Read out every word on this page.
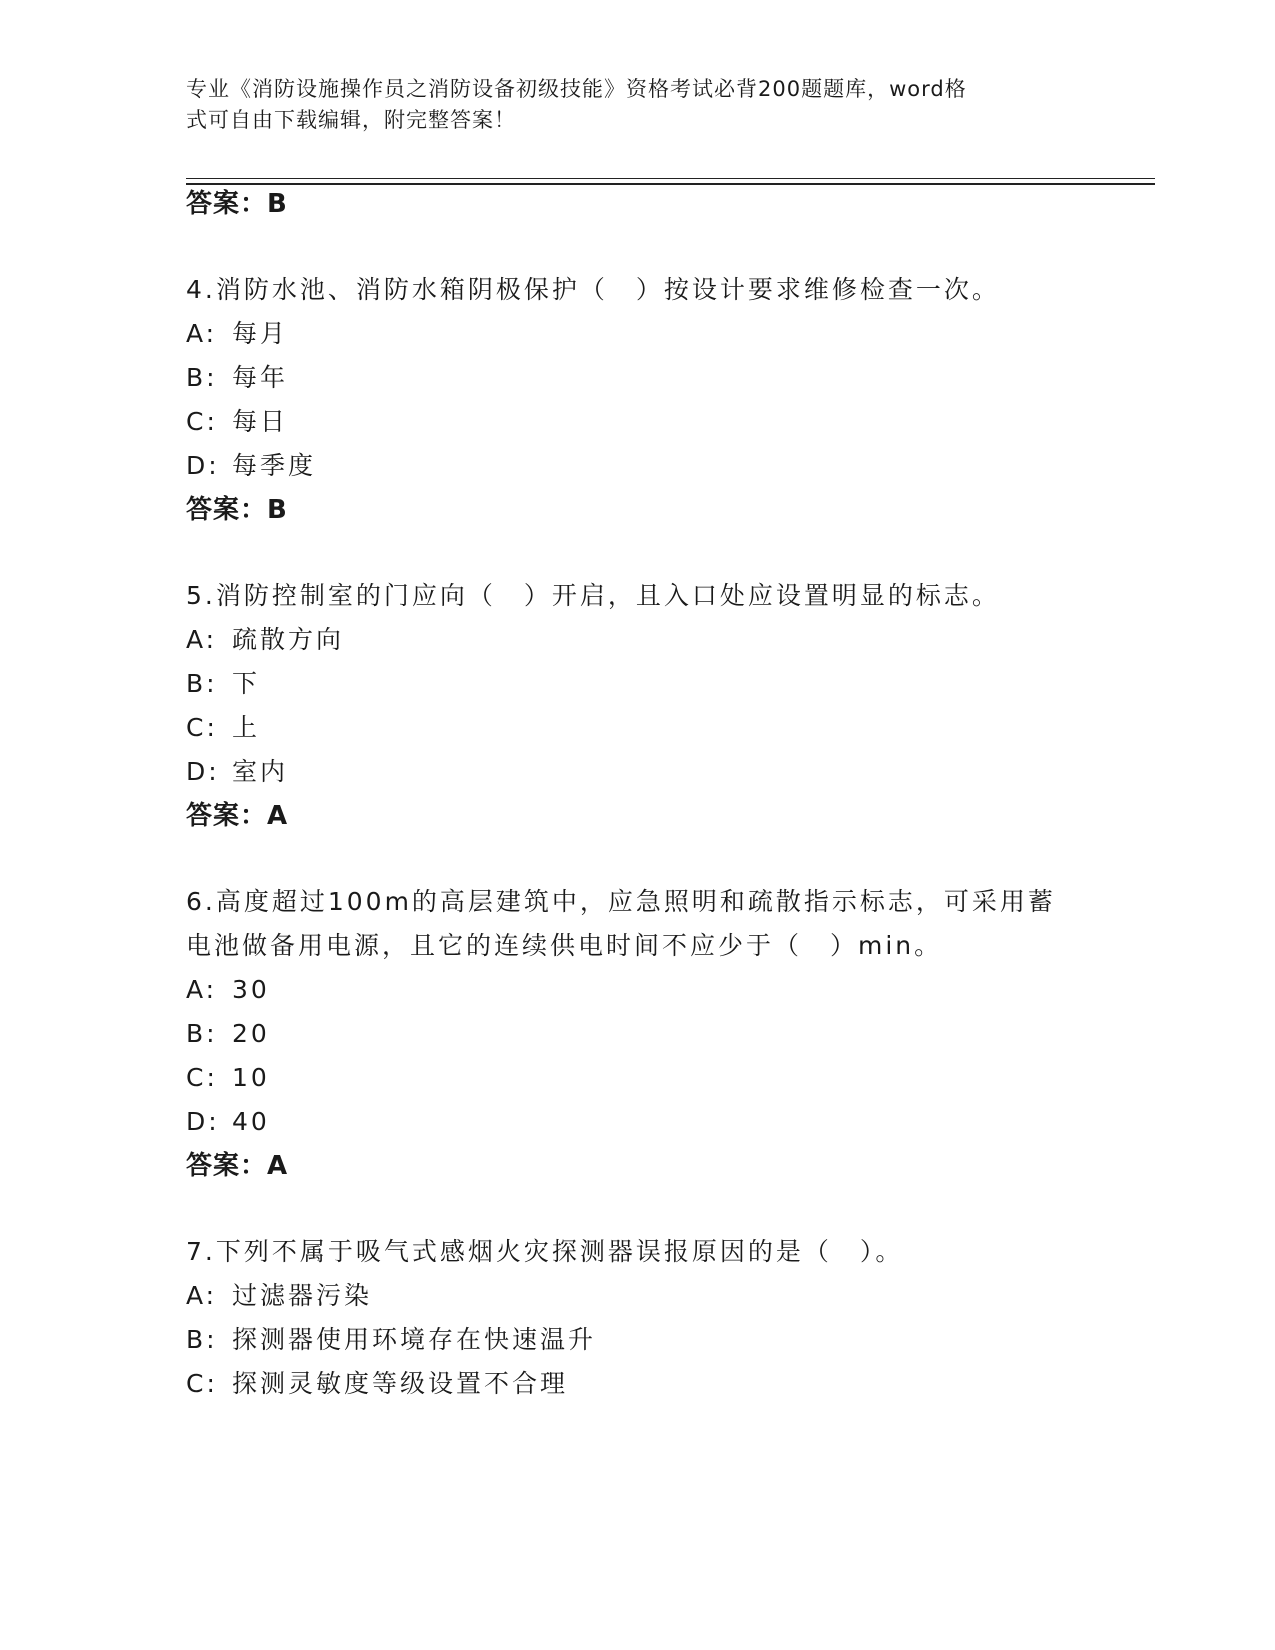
专业《消防设施操作员之消防设备初级技能》资格考试必背200题题库，word格
式可自由下载编辑，附完整答案！
答案：B
4.消防水池、消防水箱阴极保护（　）按设计要求维修检查一次。
A: 每月
B: 每年
C: 每日
D: 每季度
答案：B
5.消防控制室的门应向（　）开启，且入口处应设置明显的标志。
A: 疏散方向
B: 下
C: 上
D: 室内
答案：A
6.高度超过100m的高层建筑中，应急照明和疏散指示标志，可采用蓄
电池做备用电源，且它的连续供电时间不应少于（　）min。
A: 30
B: 20
C: 10
D: 40
答案：A
7.下列不属于吸气式感烟火灾探测器误报原因的是（　）。
A: 过滤器污染
B: 探测器使用环境存在快速温升
C: 探测灵敏度等级设置不合理
